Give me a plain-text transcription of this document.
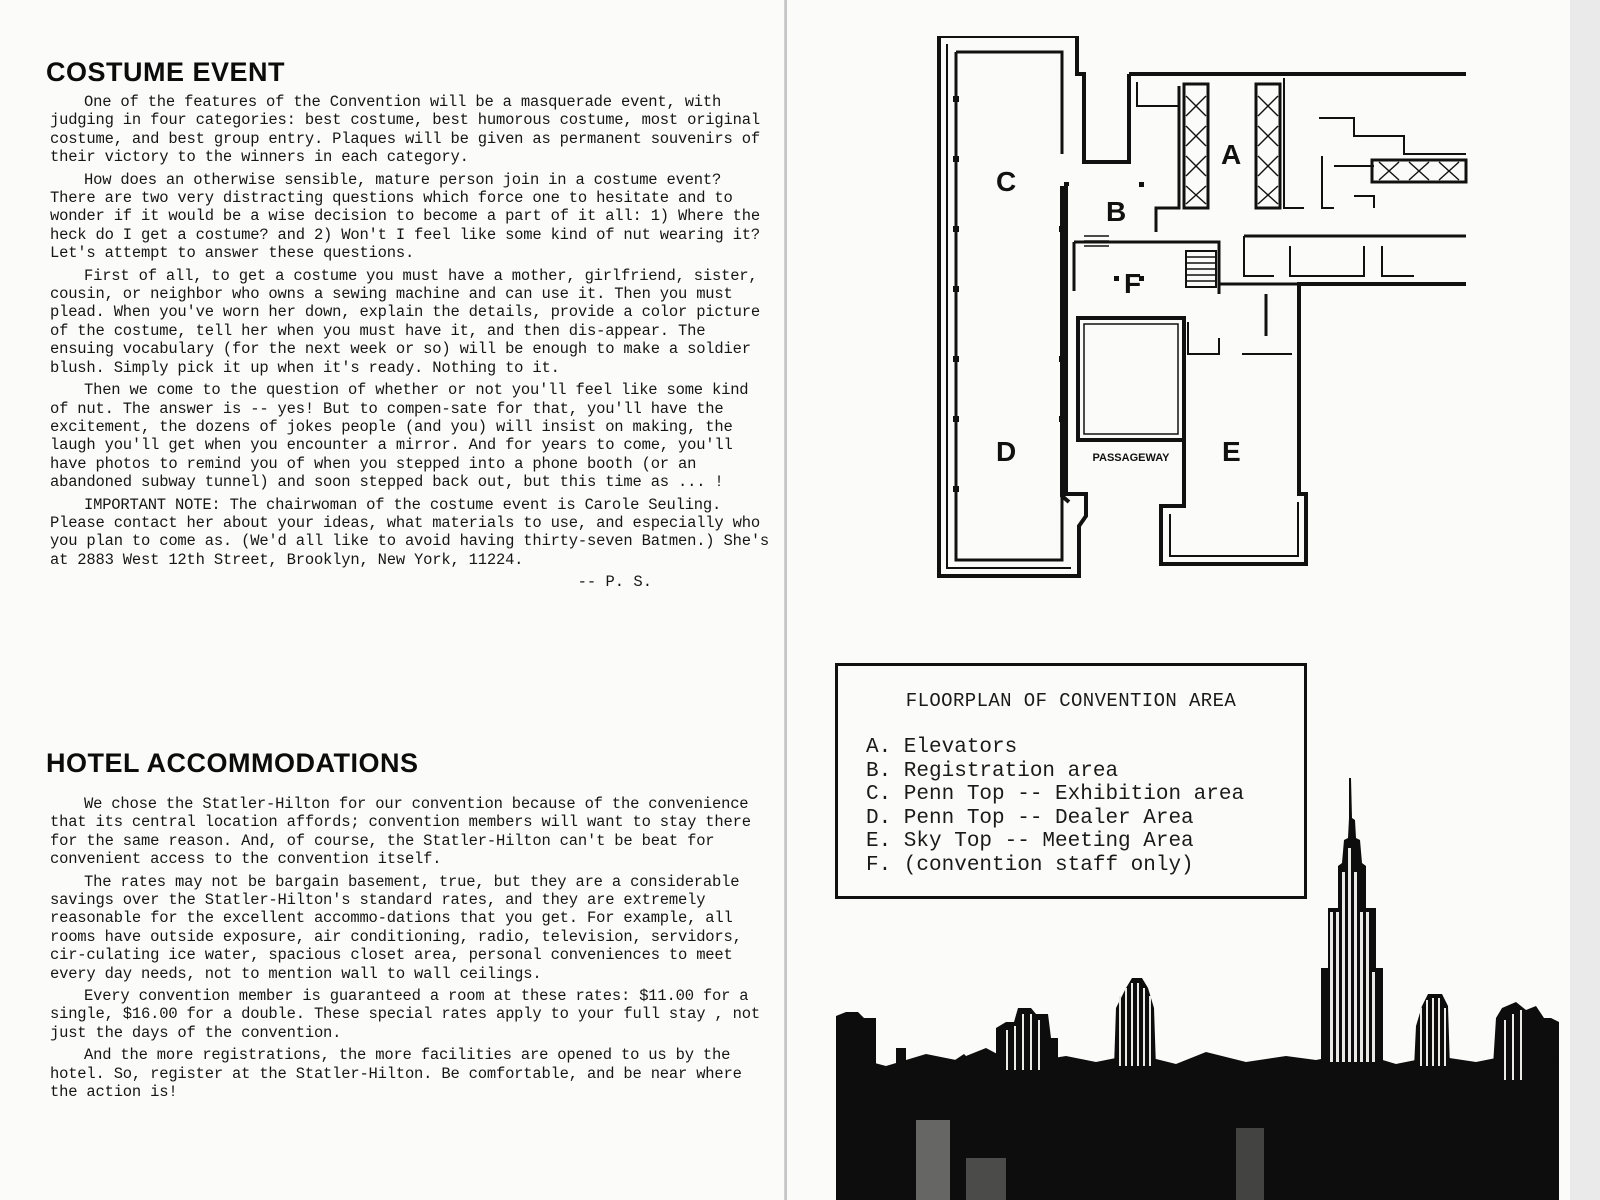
COSTUME EVENT

One of the features of the Convention will be a masquerade event, with judging in four categories: best costume, best humorous costume, most original costume, and best group entry. Plaques will be given as permanent souvenirs of their victory to the winners in each category.

How does an otherwise sensible, mature person join in a costume event? There are two very distracting questions which force one to hesitate and to wonder if it would be a wise decision to become a part of it all: 1) Where the heck do I get a costume? and 2) Won't I feel like some kind of nut wearing it? Let's attempt to answer these questions.

First of all, to get a costume you must have a mother, girlfriend, sister, cousin, or neighbor who owns a sewing machine and can use it. Then you must plead. When you've worn her down, explain the details, provide a color picture of the costume, tell her when you must have it, and then dis-appear. The ensuing vocabulary (for the next week or so) will be enough to make a soldier blush. Simply pick it up when it's ready. Nothing to it.

Then we come to the question of whether or not you'll feel like some kind of nut. The answer is -- yes! But to compen-sate for that, you'll have the excitement, the dozens of jokes people (and you) will insist on making, the laugh you'll get when you encounter a mirror. And for years to come, you'll have photos to remind you of when you stepped into a phone booth (or an abandoned subway tunnel) and soon stepped back out, but this time as ... !

IMPORTANT NOTE: The chairwoman of the costume event is Carole Seuling. Please contact her about your ideas, what materials to use, and especially who you plan to come as. (We'd all like to avoid having thirty-seven Batmen.) She's at 2883 West 12th Street, Brooklyn, New York, 11224.

-- P. S.

HOTEL ACCOMMODATIONS

We chose the Statler-Hilton for our convention because of the convenience that its central location affords; convention members will want to stay there for the same reason. And, of course, the Statler-Hilton can't be beat for convenient access to the convention itself.

The rates may not be bargain basement, true, but they are a considerable savings over the Statler-Hilton's standard rates, and they are extremely reasonable for the excellent accommo-dations that you get. For example, all rooms have outside exposure, air conditioning, radio, television, servidors, cir-culating ice water, spacious closet area, personal conveniences to meet every day needs, not to mention wall to wall ceilings.

Every convention member is guaranteed a room at these rates: $11.00 for a single, $16.00 for a double. These special rates apply to your full stay , not just the days of the convention.

And the more registrations, the more facilities are opened to us by the hotel. So, register at the Statler-Hilton. Be comfortable, and be near where the action is!

C
A
B
F
D	E
PASSAGEWAY
FLOORPLAN OF CONVENTION AREA
A. Elevators
B. Registration area
C. Penn Top -- Exhibition area
D. Penn Top -- Dealer Area
E. Sky Top -- Meeting Area
F. (convention staff only)
